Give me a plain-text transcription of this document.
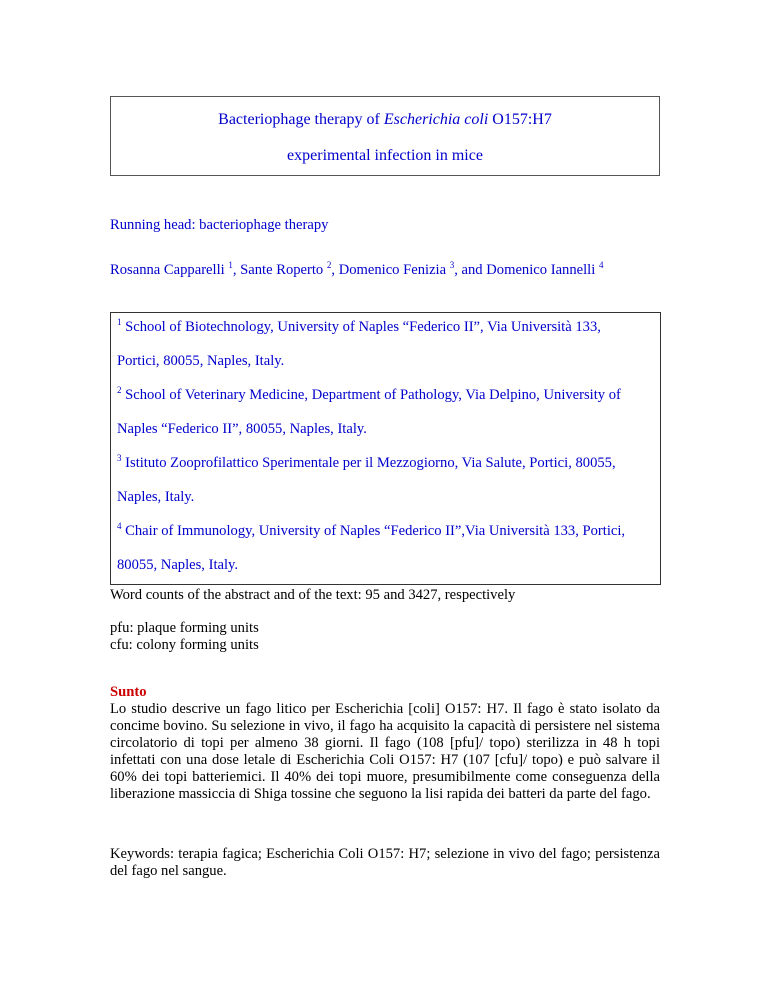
Bacteriophage therapy of Escherichia coli O157:H7
experimental infection in mice
Running head: bacteriophage therapy
Rosanna Capparelli $^1$, Sante Roperto $^2$, Domenico Fenizia $^3$, and Domenico Iannelli $^4$
$^1$ School of Biotechnology, University of Naples “Federico II”, Via Università 133,
Portici, 80055, Naples, Italy.
$^2$ School of Veterinary Medicine, Department of Pathology, Via Delpino, University of
Naples “Federico II”, 80055, Naples, Italy.
$^3$ Istituto Zooprofilattico Sperimentale per il Mezzogiorno, Via Salute, Portici, 80055,
Naples, Italy.
$^4$ Chair of Immunology, University of Naples “Federico II”,Via Università 133, Portici,
80055, Naples, Italy.
Word counts of the abstract and of the text: 95 and 3427, respectively
pfu: plaque forming units
cfu: colony forming units
Sunto
Lo studio descrive un fago litico per Escherichia [coli] O157: H7. Il fago è stato isolato da concime bovino. Su selezione in vivo, il fago ha acquisito la capacità di persistere nel sistema circolatorio di topi per almeno 38 giorni. Il fago (108 [pfu]/ topo) sterilizza in 48 h topi infettati con una dose letale di Escherichia Coli O157: H7 (107 [cfu]/ topo) e può salvare il 60% dei topi batteriemici. Il 40% dei topi muore, presumibilmente come conseguenza della liberazione massiccia di Shiga tossine che seguono la lisi rapida dei batteri da parte del fago.
Keywords: terapia fagica; Escherichia Coli O157: H7; selezione in vivo del fago; persistenza del fago nel sangue.
